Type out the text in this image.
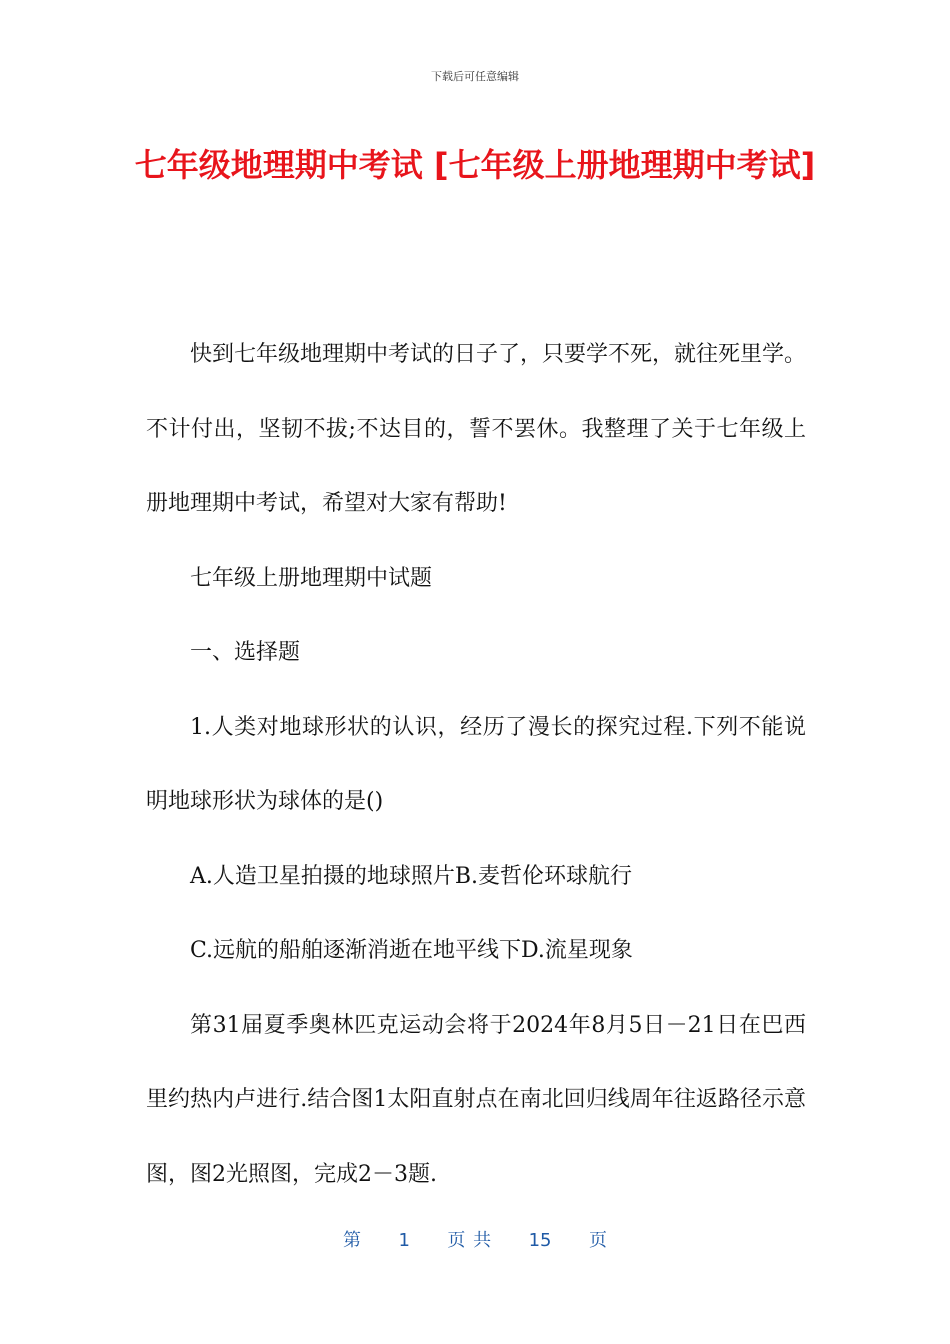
下载后可任意编辑
七年级地理期中考试 [七年级上册地理期中考试]

快到七年级地理期中考试的日子了，只要学不死，就往死里学。不计付出，坚韧不拔;不达目的，誓不罢休。我整理了关于七年级上册地理期中考试，希望对大家有帮助!

七年级上册地理期中试题

一、选择题

1.人类对地球形状的认识，经历了漫长的探究过程.下列不能说明地球形状为球体的是()

A.人造卫星拍摄的地球照片B.麦哲伦环球航行

C.远航的船舶逐渐消逝在地平线下D.流星现象

第31届夏季奥林匹克运动会将于2024年8月5日－21日在巴西里约热内卢进行.结合图1太阳直射点在南北回归线周年往返路径示意图，图2光照图，完成2－3题.

第 1 页 共 15 页
